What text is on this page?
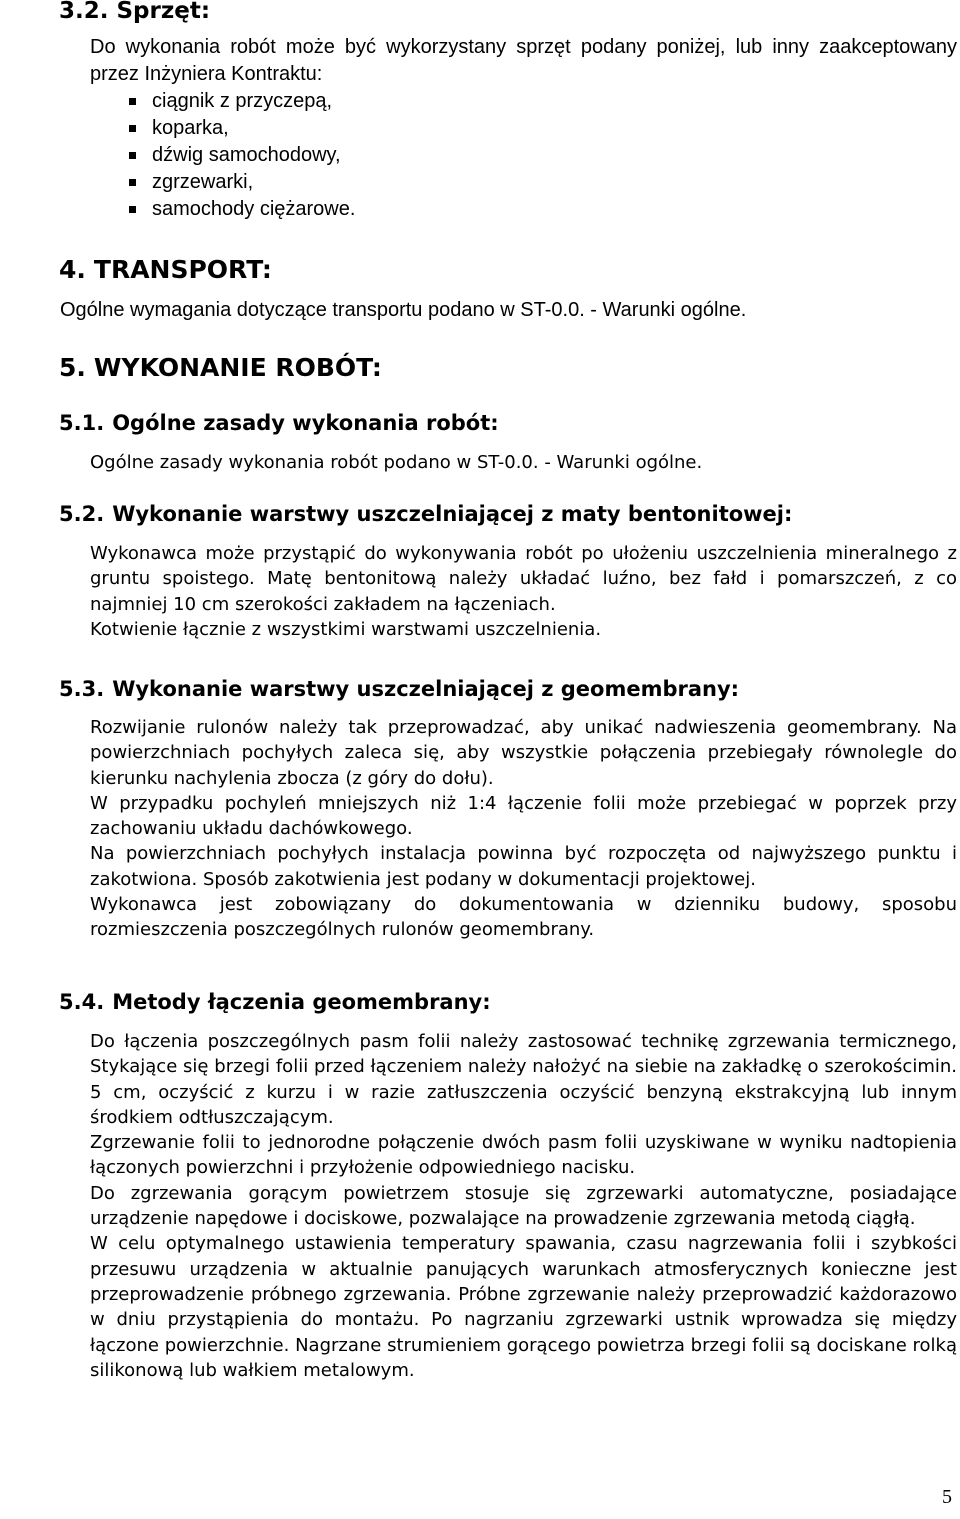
3.2. Sprzęt:

Do wykonania robót może być wykorzystany sprzęt podany poniżej, lub inny zaakceptowany przez Inżyniera Kontraktu:

ciągnik z przyczepą,
koparka,
dźwig samochodowy,
zgrzewarki,
samochody ciężarowe.
4. TRANSPORT:

Ogólne wymagania dotyczące transportu podano w ST-0.0. - Warunki ogólne.

5. WYKONANIE ROBÓT:
5.1. Ogólne zasady wykonania robót:

Ogólne zasady wykonania robót podano w ST-0.0. - Warunki ogólne.

5.2. Wykonanie warstwy uszczelniającej z maty bentonitowej:

Wykonawca może przystąpić do wykonywania robót po ułożeniu uszczelnienia mineralnego z gruntu spoistego. Matę bentonitową należy układać luźno, bez fałd i pomarszczeń, z co najmniej 10 cm szerokości zakładem na łączeniach.

Kotwienie łącznie z wszystkimi warstwami uszczelnienia.

5.3. Wykonanie warstwy uszczelniającej z geomembrany:

Rozwijanie rulonów należy tak przeprowadzać, aby unikać nadwieszenia geomembrany. Na powierzchniach pochyłych zaleca się, aby wszystkie połączenia przebiegały równolegle do kierunku nachylenia zbocza (z góry do dołu).

W przypadku pochyleń mniejszych niż 1:4 łączenie folii może przebiegać w poprzek przy zachowaniu układu dachówkowego.

Na powierzchniach pochyłych instalacja powinna być rozpoczęta od najwyższego punktu i zakotwiona. Sposób zakotwienia jest podany w dokumentacji projektowej.

Wykonawca jest zobowiązany do dokumentowania w dzienniku budowy, sposobu rozmieszczenia poszczególnych rulonów geomembrany.

5.4. Metody łączenia geomembrany:

Do łączenia poszczególnych pasm folii należy zastosować technikę zgrzewania termicznego, Stykające się brzegi folii przed łączeniem należy nałożyć na siebie na zakładkę o szerokościmin. 5 cm, oczyścić z kurzu i w razie zatłuszczenia oczyścić benzyną ekstrakcyjną lub innym środkiem odtłuszczającym.

Zgrzewanie folii to jednorodne połączenie dwóch pasm folii uzyskiwane w wyniku nadtopienia łączonych powierzchni i przyłożenie odpowiedniego nacisku.

Do zgrzewania gorącym powietrzem stosuje się zgrzewarki automatyczne, posiadające urządzenie napędowe i dociskowe, pozwalające na prowadzenie zgrzewania metodą ciągłą.

W celu optymalnego ustawienia temperatury spawania, czasu nagrzewania folii i szybkości przesuwu urządzenia w aktualnie panujących warunkach atmosferycznych konieczne jest przeprowadzenie próbnego zgrzewania. Próbne zgrzewanie należy przeprowadzić każdorazowo w dniu przystąpienia do montażu. Po nagrzaniu zgrzewarki ustnik wprowadza się między łączone powierzchnie. Nagrzane strumieniem gorącego powietrza brzegi folii są dociskane rolką silikonową lub wałkiem metalowym.

5
